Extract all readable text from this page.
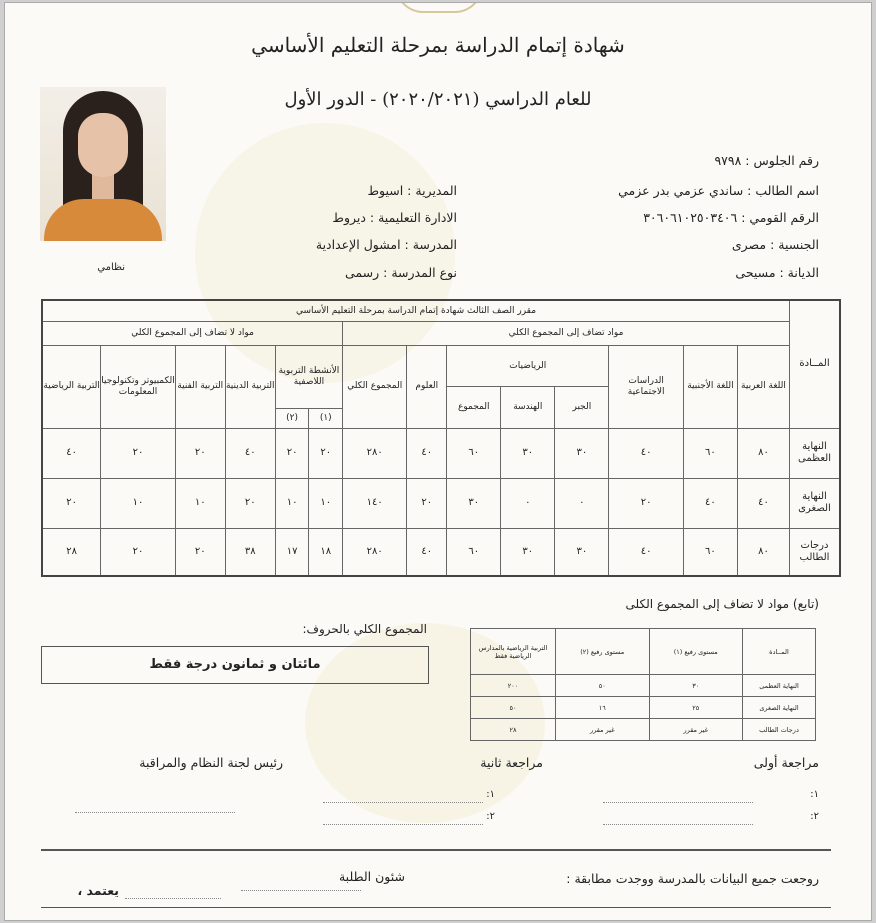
شهادة إتمام الدراسة بمرحلة التعليم الأساسي
للعام الدراسي (٢٠٢٠/٢٠٢١) - الدور الأول
نظامي
رقم الجلوس : ٩٧٩٨
اسم الطالب : ساندي عزمي بدر عزمي
الرقم القومي : ٣٠٦٠٦١٠٢٥٠٣٤٠٦
الجنسية : مصرى
الديانة : مسيحى
المديرية : اسيوط
الادارة التعليمية : ديروط
المدرسة : امشول الإعدادية
نوع المدرسة : رسمى
المــادة	مقرر الصف الثالث شهادة إتمام الدراسة بمرحلة التعليم الأساسي													
	مواد تضاف إلى المجموع الكلي								مواد لا تضاف إلى المجموع الكلي					
	اللغة العربية	اللغة الأجنبية	الدراسات الاجتماعية	الرياضيات			العلوم	المجموع الكلي	الأنشطة التربوية اللاصفية		التربية الدينية	التربية الفنية	الكمبيوتر وتكنولوجيا المعلومات	التربية الرياضية
				الجبر	الهندسة	المجموع								
									(١)	(٢)				
النهاية العظمى	٨٠	٦٠	٤٠	٣٠	٣٠	٦٠	٤٠	٢٨٠	٢٠	٢٠	٤٠	٢٠	٢٠	٤٠
النهاية الصغرى	٤٠	٤٠	٢٠	٠	٠	٣٠	٢٠	١٤٠	١٠	١٠	٢٠	١٠	١٠	٢٠
درجات الطالب	٨٠	٦٠	٤٠	٣٠	٣٠	٦٠	٤٠	٢٨٠	١٨	١٧	٣٨	٢٠	٢٠	٢٨
(تابع) مواد لا تضاف إلى المجموع الكلى
المــادة	مستوى رفيع (١)	مستوى رفيع (٢)	التربية الرياضية بالمدارس الرياضية فقط
النهاية العظمى	٣٠	٥٠	٢٠٠
النهاية الصغرى	٢٥	١٦	٥٠
درجات الطالب	غير مقرر	غير مقرر	٢٨
المجموع الكلي بالحروف:
مائتان و ثمانون درجة فقط
مراجعة أولى
مراجعة ثانية
رئيس لجنة النظام والمراقبة
١:
٢:
١:
٢:
روجعت جميع البيانات بالمدرسة ووجدت مطابقة :
شئون الطلبة
يعتمد ،
